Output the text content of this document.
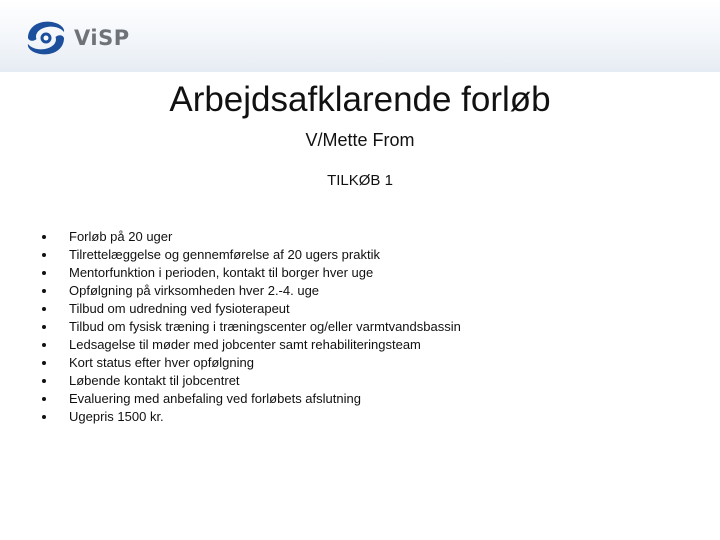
ViSP
Arbejdsafklarende forløb
V/Mette From
TILKØB 1
Forløb på 20 uger
Tilrettelæggelse og gennemførelse af 20 ugers praktik
Mentorfunktion i perioden, kontakt til borger hver uge
Opfølgning på virksomheden hver 2.-4. uge
Tilbud om udredning ved fysioterapeut
Tilbud om fysisk træning i træningscenter og/eller varmtvandsbassin
Ledsagelse til møder med jobcenter samt rehabiliteringsteam
Kort status efter hver opfølgning
Løbende kontakt til jobcentret
Evaluering med anbefaling ved forløbets afslutning
Ugepris 1500 kr.
